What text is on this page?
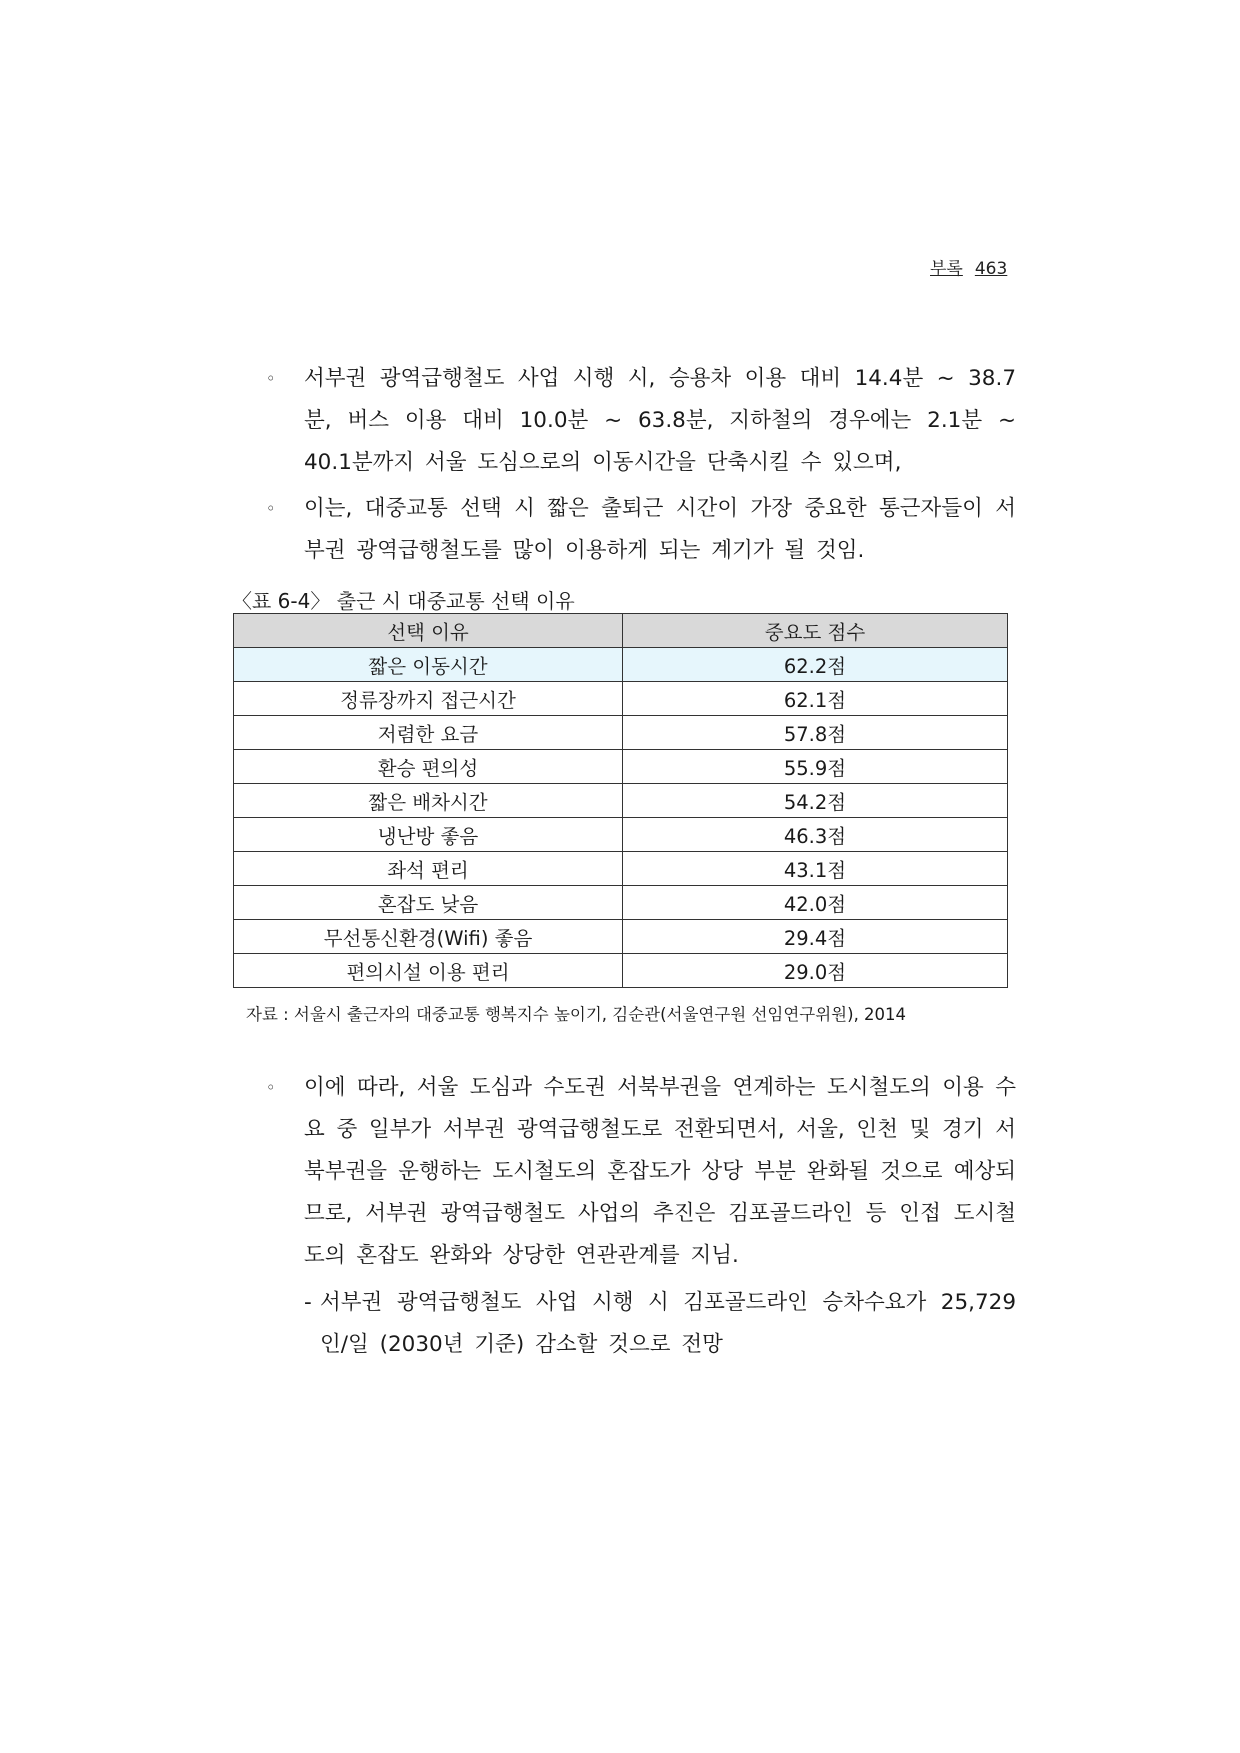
부록 463
◦ 서부권 광역급행철도 사업 시행 시, 승용차 이용 대비 14.4분 ~ 38.7분, 버스 이용 대비 10.0분 ~ 63.8분, 지하철의 경우에는 2.1분 ~ 40.1분까지 서울 도심으로의 이동시간을 단축시킬 수 있으며,
◦ 이는, 대중교통 선택 시 짧은 출퇴근 시간이 가장 중요한 통근자들이 서부권 광역급행철도를 많이 이용하게 되는 계기가 될 것임.
〈표 6-4〉 출근 시 대중교통 선택 이유
선택 이유	중요도 점수
짧은 이동시간	62.2점
정류장까지 접근시간	62.1점
저렴한 요금	57.8점
환승 편의성	55.9점
짧은 배차시간	54.2점
냉난방 좋음	46.3점
좌석 편리	43.1점
혼잡도 낮음	42.0점
무선통신환경(Wifi) 좋음	29.4점
편의시설 이용 편리	29.0점
자료 : 서울시 출근자의 대중교통 행복지수 높이기, 김순관(서울연구원 선임연구위원), 2014
◦ 이에 따라, 서울 도심과 수도권 서북부권을 연계하는 도시철도의 이용 수요 중 일부가 서부권 광역급행철도로 전환되면서, 서울, 인천 및 경기 서북부권을 운행하는 도시철도의 혼잡도가 상당 부분 완화될 것으로 예상되므로, 서부권 광역급행철도 사업의 추진은 김포골드라인 등 인접 도시철도의 혼잡도 완화와 상당한 연관관계를 지님.
- 서부권 광역급행철도 사업 시행 시 김포골드라인 승차수요가 25,729인/일 (2030년 기준) 감소할 것으로 전망
